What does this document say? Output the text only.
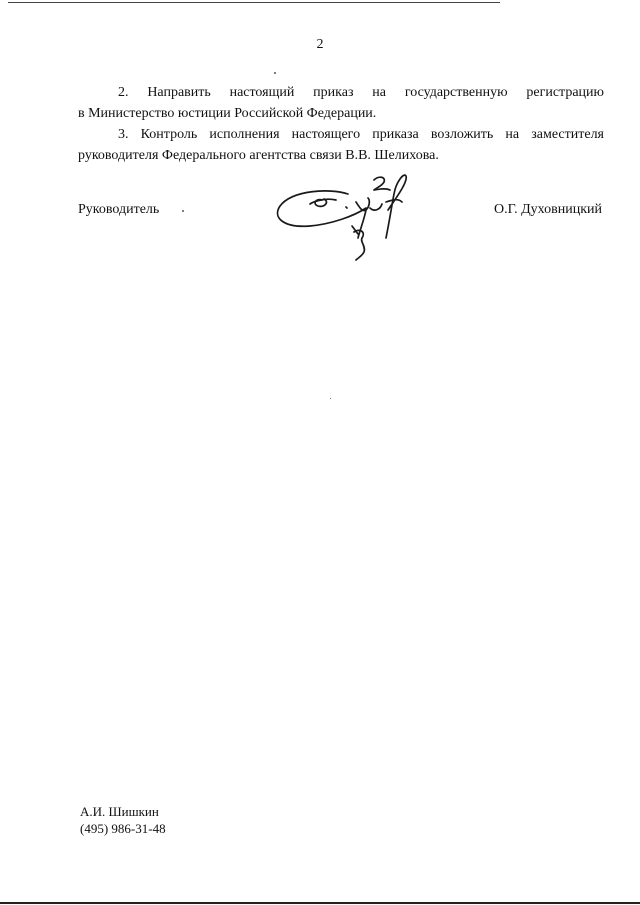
2

2. Направить настоящий приказ на государственную регистрацию
в Министерство юстиции Российской Федерации.

3. Контроль исполнения настоящего приказа возложить на заместителя
руководителя Федерального агентства связи В.В. Шелихова.

Руководитель	О.Г. Духовницкий
А.И. Шишкин
(495) 986-31-48
